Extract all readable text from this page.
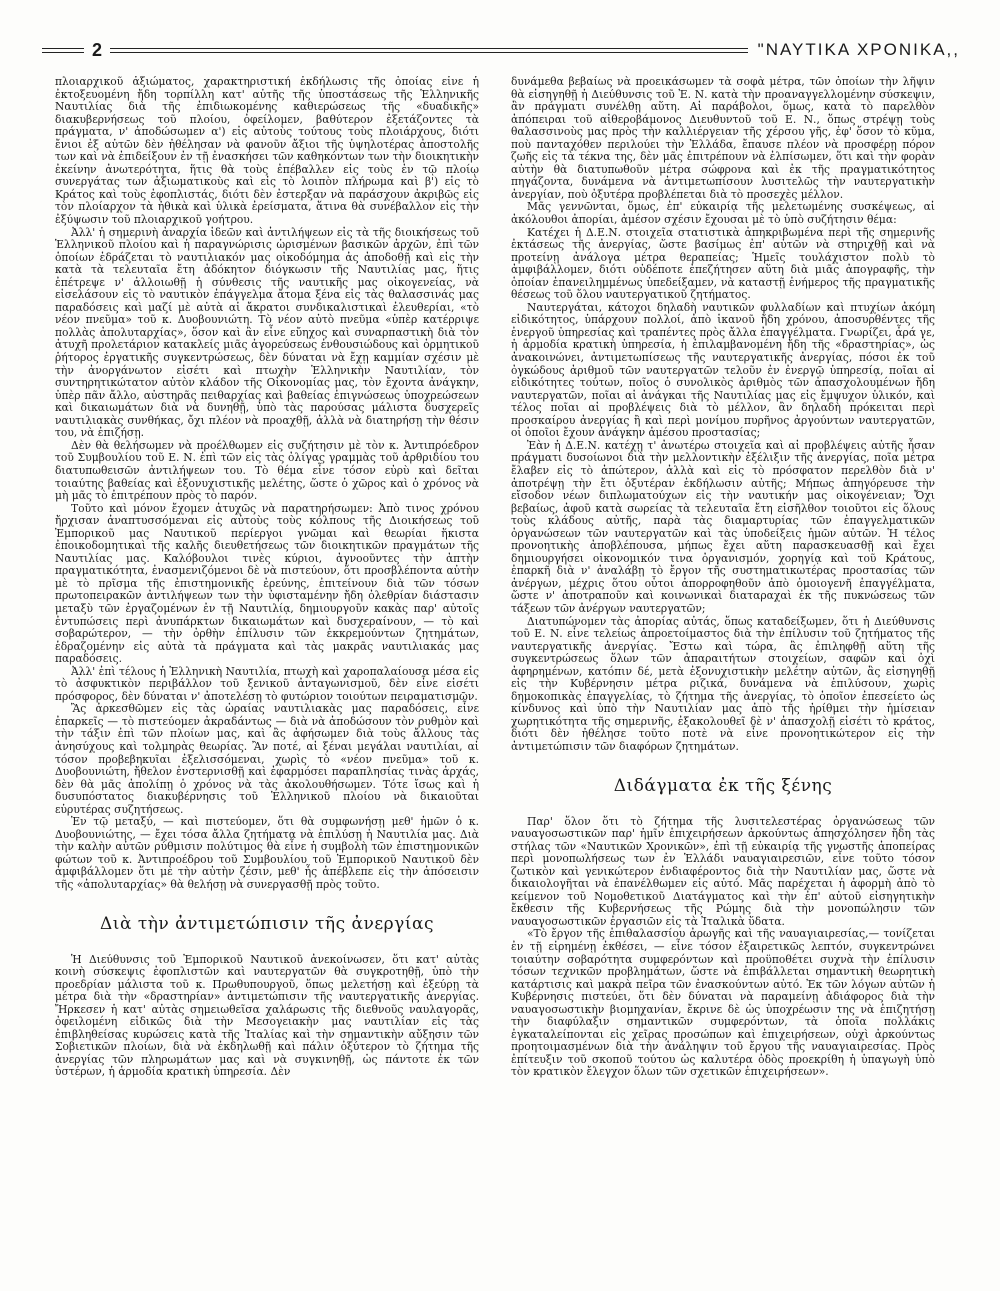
2	"ΝΑΥΤΙΚΑ ΧΡΟΝΙΚΑ,,

πλοιαρχικοῦ ἀξιώματος, χαρακτηριστική ἐκδήλωσις τῆς ὁποίας εἶνε ἡ ἐκτοξευομένη ἤδη τορπίλλη κατ' αὐτῆς τῆς ὑποστάσεως τῆς Ἑλληνικῆς Ναυτιλίας διὰ τῆς ἐπιδιωκομένης καθιερώσεως τῆς «δυαδικῆς» διακυβερνήσεως τοῦ πλοίου, ὀφείλομεν, βαθύτερον ἐξετάζοντες τὰ πράγματα, ν' ἀποδώσωμεν α') εἰς αὐτοὺς τούτους τοὺς πλοιάρχους, διότι ἔνιοι ἐξ αὐτῶν δὲν ἠθέλησαν νὰ φανοῦν ἄξιοι τῆς ὑψηλοτέρας ἀποστολῆς των καὶ νὰ ἐπιδείξουν ἐν τῇ ἐνασκήσει τῶν καθηκόντων των τὴν διοικητικὴν ἐκείνην ἀνωτερότητα, ἥτις θὰ τοὺς ἐπέβαλλεν εἰς τοὺς ἐν τῷ πλοίῳ συνεργάτας των ἀξιωματικοὺς καὶ εἰς τὸ λοιπὸν πλήρωμα καὶ β') εἰς τὸ Κράτος καὶ τοὺς ἐφοπλιστάς, διότι δὲν ἐστερξαν νὰ παράσχουν ἀκριβῶς εἰς τὸν πλοίαρχον τὰ ἠθικὰ καὶ ὑλικὰ ἐρείσματα, ἅτινα θὰ συνέβαλλον εἰς τὴν ἐξύψωσιν τοῦ πλοιαρχικοῦ γοήτρου.

Ἀλλ' ἡ σημερινὴ ἀναρχία ἰδεῶν καὶ ἀντιλήψεων εἰς τὰ τῆς διοικήσεως τοῦ Ἑλληνικοῦ πλοίου καὶ ἡ παραγνώρισις ὡρισμένων βασικῶν ἀρχῶν, ἐπὶ τῶν ὁποίων ἑδράζεται τὸ ναυτιλιακόν μας οἰκοδόμημα ἀς ἀποδοθῇ καὶ εἰς τὴν κατὰ τὰ τελευταῖα ἔτη ἀδόκητον διόγκωσιν τῆς Ναυτιλίας μας, ἥτις ἐπέτρεψε ν' ἀλλοιωθῇ ἡ σύνθεσις τῆς ναυτικῆς μας οἰκογενείας, νὰ εἰσελάσουν εἰς τὸ ναυτικὸν ἐπάγγελμα ἄτομα ξένα εἰς τὰς θαλασσινάς μας παραδόσεις καὶ μαζί μὲ αὐτὰ αἱ ἄκρατοι συνδικαλιστικαὶ ἐλευθερίαι, «τὸ νέον πνεῦμα» τοῦ κ. Δυοβουνιώτη. Τὸ νέον αὐτὸ πνεῦμα «ὑπὲρ κατέρριψε πολλὰς ἀπολυταρχίας», ὅσον καὶ ἂν εἶνε εὔηχος καὶ συναρπαστικὴ διὰ τὸν ἀτυχῆ προλετάριον κατακλείς μιᾶς ἀγορεύσεως ἐνθουσιώδους καὶ ὁρμητικοῦ ῥήτορος ἐργατικῆς συγκεντρώσεως, δὲν δύναται νὰ ἔχῃ καμμίαν σχέσιν μὲ τὴν ἀνοργάνωτον εἰσέτι καὶ πτωχὴν Ἑλληνικὴν Ναυτιλίαν, τὸν συντηρητικώτατον αὐτὸν κλάδον τῆς Οἰκονομίας μας, τὸν ἔχοντα ἀνάγκην, ὑπὲρ πᾶν ἄλλο, αὐστηρᾶς πειθαρχίας καὶ βαθείας ἐπιγνώσεως ὑποχρεώσεων καὶ δικαιωμάτων διὰ νὰ δυνηθῇ, ὑπὸ τὰς παρούσας μάλιστα δυσχερεῖς ναυτιλιακὰς συνθήκας, ὄχι πλέον νὰ προαχθῇ, ἀλλὰ νὰ διατηρήσῃ τὴν θέσιν του, νὰ ἐπιζήσῃ.

Δὲν θὰ θελήσωμεν νὰ προέλθωμεν εἰς συζήτησιν μὲ τὸν κ. Ἀντιπρόεδρον τοῦ Συμβουλίου τοῦ Ε. Ν. ἐπὶ τῶν εἰς τὰς ὀλίγας γραμμὰς τοῦ ἀρθριδίου του διατυπωθεισῶν ἀντιλήψεων του. Τὸ θέμα εἶνε τόσον εὐρὺ καὶ δεῖται τοιαύτης βαθείας καὶ ἐξονυχιστικῆς μελέτης, ὥστε ὁ χῶρος καὶ ὁ χρόνος νὰ μὴ μᾶς τὸ ἐπιτρέπουν πρὸς τὸ παρόν.

Τοῦτο καὶ μόνον ἔχομεν ἀτυχῶς νὰ παρατηρήσωμεν: Ἀπὸ τινος χρόνου ἤρχισαν ἀναπτυσσόμεναι εἰς αὐτοὺς τοὺς κόλπους τῆς Διοικήσεως τοῦ Ἐμπορικοῦ μας Ναυτικοῦ περίεργοι γνῶμαι καὶ θεωρίαι ἥκιστα ἐποικοδομητικαὶ τῆς καλῆς διευθετήσεως τῶν διοικητικῶν πραγμάτων τῆς Ναυτιλίας μας. Καλόβουλοι τινὲς κύριοι, ἀγνοοῦντες τὴν ἀπτὴν πραγματικότητα, ἐνασμενιζόμενοι δὲ νὰ πιστεύουν, ὅτι προσβλέποντα αὐτὴν μὲ τὸ πρῖσμα τῆς ἐπιστημονικῆς ἐρεύνης, ἐπιτείνουν διὰ τῶν τόσων πρωτοπειρακῶν ἀντιλήψεων των τὴν ὑφισταμένην ἤδη ὀλεθρίαν διάστασιν μεταξὺ τῶν ἐργαζομένων ἐν τῇ Ναυτιλίᾳ, δημιουργοῦν κακὰς παρ' αὐτοῖς ἐντυπώσεις περὶ ἀνυπάρκτων δικαιωμάτων καὶ δυσχεραίνουν, — τὸ καὶ σοβαρώτερον, — τὴν ὀρθὴν ἐπίλυσιν τῶν ἐκκρεμούντων ζητημάτων, ἑδραζομένην εἰς αὐτὰ τὰ πράγματα καὶ τὰς μακρᾶς ναυτιλιακάς μας παραδόσεις.

Ἀλλ' ἐπὶ τέλους ἡ Ἑλληνικὴ Ναυτιλία, πτωχὴ καὶ χαροπαλαίουσα μέσα εἰς τὸ ἀσφυκτικὸν περιβάλλον τοῦ ξενικοῦ ἀνταγωνισμοῦ, δὲν εἶνε εἰσέτι πρόσφορος, δὲν δύναται ν' ἀποτελέσῃ τὸ φυτώριον τοιούτων πειραματισμῶν.

Ἂς ἀρκεσθῶμεν εἰς τὰς ὡραίας ναυτιλιακὰς μας παραδόσεις, εἶνε ἐπαρκεῖς — τὸ πιστεύομεν ἀκραδάντως — διὰ νὰ ἀποδώσουν τὸν ρυθμὸν καὶ τὴν τάξιν ἐπὶ τῶν πλοίων μας, καὶ ἂς ἀφήσωμεν διὰ τοὺς ἄλλους τὰς ἀνησύχους καὶ τολμηρὰς θεωρίας. Ἂν ποτέ, αἱ ξέναι μεγάλαι ναυτιλίαι, αἱ τόσον προβεβηκυῖαι ἐξελισσόμεναι, χωρὶς τὸ «νέον πνεῦμα» τοῦ κ. Δυοβουνιώτη, ἤθελον ἐνστερνισθῇ καὶ ἐφαρμόσει παραπλησίας τινὰς ἀρχάς, δὲν θὰ μᾶς ἀπολίπῃ ὁ χρόνος νὰ τὰς ἀκολουθήσωμεν. Τότε ἴσως καὶ ἡ δυσυπόστατος διακυβέρνησις τοῦ Ἑλληνικοῦ πλοίου νὰ δικαιοῦται εὐρυτέρας συζητήσεως.

Ἐν τῷ μεταξύ, — καὶ πιστεύομεν, ὅτι θὰ συμφωνήσῃ μεθ' ἡμῶν ὁ κ. Δυοβουνιώτης, — ἔχει τόσα ἄλλα ζητήματα νὰ ἐπιλύσῃ ἡ Ναυτιλία μας. Διὰ τὴν καλὴν αὐτῶν ρύθμισιν πολύτιμος θὰ εἶνε ἡ συμβολὴ τῶν ἐπιστημονικῶν φώτων τοῦ κ. Ἀντιπροέδρου τοῦ Συμβουλίου τοῦ Ἐμπορικοῦ Ναυτικοῦ δὲν ἀμφιβάλλομεν ὅτι μὲ τὴν αὐτὴν ζέσιν, μεθ' ἧς ἀπέβλεπε εἰς τὴν ἀπόσεισιν τῆς «ἀπολυταρχίας» θὰ θελήσῃ νὰ συνεργασθῇ πρὸς τοῦτο.

Διὰ τὴν ἀντιμετώπισιν τῆς ἀνεργίας

Ἡ Διεύθυνσις τοῦ Ἐμπορικοῦ Ναυτικοῦ ἀνεκοίνωσεν, ὅτι κατ' αὐτὰς κοινὴ σύσκεψις ἐφοπλιστῶν καὶ ναυτεργατῶν θὰ συγκροτηθῇ, ὑπὸ τὴν προεδρίαν μάλιστα τοῦ κ. Πρωθυπουργοῦ, ὅπως μελετήσῃ καὶ ἐξεύρῃ τὰ μέτρα διὰ τὴν «δραστηρίαν» ἀντιμετώπισιν τῆς ναυτεργατικῆς ἀνεργίας. Ἤρκεσεν ἡ κατ' αὐτὰς σημειωθεῖσα χαλάρωσις τῆς διεθνοῦς ναυλαγορᾶς, ὀφειλομένη εἰδικῶς διὰ τὴν Μεσογειακὴν μας ναυτιλίαν εἰς τὰς ἐπιβληθείσας κυρώσεις κατὰ τῆς Ἰταλίας καὶ τὴν σημαντικὴν αὔξησιν τῶν Σοβιετικῶν πλοίων, διὰ νὰ ἐκδηλωθῇ καὶ πάλιν ὀξύτερον τὸ ζήτημα τῆς ἀνεργίας τῶν πληρωμάτων μας καὶ νὰ συγκινηθῇ, ὡς πάντοτε ἐκ τῶν ὑστέρων, ἡ ἁρμοδία κρατικὴ ὑπηρεσία. Δὲν

δυνάμεθα βεβαίως νὰ προεικάσωμεν τὰ σοφὰ μέτρα, τῶν ὁποίων τὴν λῆψιν θὰ εἰσηγηθῇ ἡ Διεύθυνσις τοῦ Ἐ. Ν. κατὰ τὴν προαναγγελλομένην σύσκεψιν, ἂν πράγματι συνέλθῃ αὕτη. Αἱ παράβολοι, ὅμως, κατὰ τὸ παρελθὸν ἀπόπειραι τοῦ αἰθεροβάμονος Διευθυντοῦ τοῦ Ε. Ν., ὅπως στρέψῃ τοὺς θαλασσινοὺς μας πρὸς τὴν καλλιέργειαν τῆς χέρσου γῆς, ἐφ' ὅσον τὸ κῦμα, ποὺ πανταχόθεν περιλούει τὴν Ἑλλάδα, ἔπαυσε πλέον νὰ προσφέρῃ πόρον ζωῆς εἰς τὰ τέκνα της, δὲν μᾶς ἐπιτρέπουν νὰ ἐλπίσωμεν, ὅτι καὶ τὴν φορὰν αὐτὴν θὰ διατυπωθοῦν μέτρα σώφρονα καὶ ἐκ τῆς πραγματικότητος πηγάζοντα, δυνάμενα νὰ ἀντιμετωπίσουν λυσιτελῶς τὴν ναυτεργατικὴν ἀνεργίαν, ποὺ ὀξυτέρα προβλέπεται διὰ τὸ προσεχὲς μέλλον.

Μᾶς γεννῶνται, ὅμως, ἐπ' εὐκαιρίᾳ τῆς μελετωμένης συσκέψεως, αἱ ἀκόλουθοι ἀπορίαι, ἀμέσον σχέσιν ἔχουσαι μὲ τὸ ὑπὸ συζήτησιν θέμα:

Κατέχει ἡ Δ.Ε.Ν. στοιχεῖα στατιστικὰ ἀπηκριβωμένα περὶ τῆς σημερινῆς ἐκτάσεως τῆς ἀνεργίας, ὥστε βασίμως ἐπ' αὐτῶν νὰ στηριχθῇ καὶ νὰ προτείνῃ ἀνάλογα μέτρα θεραπείας; Ἡμεῖς τουλάχιστον πολὺ τὸ ἀμφιβάλλομεν, διότι οὐδέποτε ἐπεζήτησεν αὕτη διὰ μιᾶς ἀπογραφῆς, τὴν ὁποίαν ἐπανειλημμένως ὑπεδείξαμεν, νὰ καταστῇ ἐνήμερος τῆς πραγματικῆς θέσεως τοῦ ὅλου ναυτεργατικοῦ ζητήματος.

Ναυτεργάται, κάτοχοι δηλαδὴ ναυτικῶν φυλλαδίων καὶ πτυχίων ἀκόμη εἰδικότητος, ὑπάρχουν πολλοί, ἀπὸ ἱκανοῦ ἤδη χρόνου, ἀποσυρθέντες τῆς ἐνεργοῦ ὑπηρεσίας καὶ τραπέντες πρὸς ἄλλα ἐπαγγέλματα. Γνωρίζει, ἆρά γε, ἡ ἁρμοδία κρατικὴ ὑπηρεσία, ἡ ἐπιλαμβανομένη ἤδη τῆς «δραστηρίας», ὡς ἀνακοινώνει, ἀντιμετωπίσεως τῆς ναυτεργατικῆς ἀνεργίας, πόσοι ἐκ τοῦ ὀγκώδους ἀριθμοῦ τῶν ναυτεργατῶν τελοῦν ἐν ἐνεργῷ ὑπηρεσίᾳ, ποῖαι αἱ εἰδικότητες τούτων, ποῖος ὁ συνολικὸς ἀριθμὸς τῶν ἀπασχολουμένων ἤδη ναυτεργατῶν, ποῖαι αἱ ἀνάγκαι τῆς Ναυτιλίας μας εἰς ἔμψυχον ὑλικόν, καὶ τέλος ποῖαι αἱ προβλέψεις διὰ τὸ μέλλον, ἂν δηλαδὴ πρόκειται περὶ προσκαίρου ἀνεργίας ἢ καὶ περὶ μονίμου πυρῆνος ἀργούντων ναυτεργατῶν, οἱ ὁποῖοι ἔχουν ἀνάγκην ἀμέσου προστασίας;

Ἐὰν ἡ Δ.Ε.Ν. κατέχῃ τ' ἀνωτέρω στοιχεῖα καὶ αἱ προβλέψεις αὐτῆς ἦσαν πράγματι δυσοίωνοι διὰ τὴν μελλοντικὴν ἐξέλιξιν τῆς ἀνεργίας, ποῖα μέτρα ἔλαβεν εἰς τὸ ἀπώτερον, ἀλλὰ καὶ εἰς τὸ πρόσφατον περελθὸν διὰ ν' ἀποτρέψῃ τὴν ἔτι ὀξυτέραν ἐκδήλωσιν αὐτῆς; Μήπως ἀπηγόρευσε τὴν εἴσοδον νέων διπλωματούχων εἰς τὴν ναυτικήν μας οἰκογένειαν; Ὄχι βεβαίως, ἀφοῦ κατὰ σωρείας τὰ τελευταῖα ἔτη εἰσῆλθον τοιοῦτοι εἰς ὅλους τοὺς κλάδους αὐτῆς, παρὰ τὰς διαμαρτυρίας τῶν ἐπαγγελματικῶν ὀργανώσεων τῶν ναυτεργατῶν καὶ τὰς ὑποδείξεις ἡμῶν αὐτῶν. Ἡ τέλος προνοητικὴς ἀποβλέπουσα, μήπως ἔχει αὕτη παρασκευασθῇ καὶ ἔχει δημιουργήσει οἰκονομικόν τινα ὀργανισμόν, χορηγίᾳ καὶ τοῦ Κράτους, ἐπαρκῆ διὰ ν' ἀναλάβῃ τὸ ἔργον τῆς συστηματικωτέρας προστασίας τῶν ἀνέργων, μέχρις ὅτου οὗτοι ἀπορροφηθοῦν ἀπὸ ὁμοιογενῆ ἐπαγγέλματα, ὥστε ν' ἀποτραποῦν καὶ κοινωνικαὶ διαταραχαὶ ἐκ τῆς πυκνώσεως τῶν τάξεων τῶν ἀνέργων ναυτεργατῶν;

Διατυπώνομεν τὰς ἀπορίας αὐτάς, ὅπως καταδείξωμεν, ὅτι ἡ Διεύθυνσις τοῦ Ε. Ν. εἶνε τελείως ἀπροετοίμαστος διὰ τὴν ἐπίλυσιν τοῦ ζητήματος τῆς ναυτεργατικῆς ἀνεργίας. Ἔστω καὶ τώρα, ἂς ἐπιληφθῇ αὕτη τῆς συγκεντρώσεως ὅλων τῶν ἀπαραιτήτων στοιχείων, σαφῶν καὶ ὀχὶ ἀφηρημένων, κατόπιν δέ, μετὰ ἐξονυχιστικὴν μελέτην αὐτῶν, ἂς εἰσηγηθῇ εἰς τὴν Κυβέρνησιν μέτρα ριζικά, δυνάμενα νὰ ἐπιλύσουν, χωρὶς δημοκοπικὰς ἐπαγγελίας, τὸ ζήτημα τῆς ἀνεργίας, τὸ ὁποῖον ἐπεσείετο ὡς κίνδυνος καὶ ὑπὸ τὴν Ναυτιλίαν μας ἀπὸ τῆς ἠρίθμει τὴν ἡμίσειαν χωρητικότητα τῆς σημερινῆς, ἐξακολουθεῖ δὲ ν' ἀπασχολῇ εἰσέτι τὸ κράτος, διότι δὲν ἠθέλησε τοῦτο ποτὲ νὰ εἶνε προνοητικώτερον εἰς τὴν ἀντιμετώπισιν τῶν διαφόρων ζητημάτων.

Διδάγματα ἐκ τῆς ξένης

Παρ' ὅλον ὅτι τὸ ζήτημα τῆς λυσιτελεστέρας ὀργανώσεως τῶν ναυαγοσωστικῶν παρ' ἡμῖν ἐπιχειρήσεων ἀρκούντως ἀπησχόλησεν ἤδη τὰς στήλας τῶν «Ναυτικῶν Χρονικῶν», ἐπὶ τῇ εὐκαιρίᾳ τῆς γνωστῆς ἀποπείρας περὶ μονοπωλήσεως των ἐν Ἑλλάδι ναυαγιαιρεσιῶν, εἶνε τοῦτο τόσον ζωτικὸν καὶ γενικώτερον ἐνδιαφέροντος διὰ τὴν Ναυτιλίαν μας, ὥστε νὰ δικαιολογῆται νὰ ἐπανέλθωμεν εἰς αὐτό. Μᾶς παρέχεται ἡ ἀφορμὴ ἀπὸ τὸ κείμενον τοῦ Νομοθετικοῦ Διατάγματος καὶ τὴν ἐπ' αὐτοῦ εἰσηγητικὴν ἔκθεσιν τῆς Κυβερνήσεως τῆς Ρώμης διὰ τὴν μονοπώλησιν τῶν ναυαγοσωστικῶν ἐργασιῶν εἰς τὰ Ἰταλικὰ ὕδατα.

«Τὸ ἔργον τῆς ἐπιθαλασσίου ἀρωγῆς καὶ τῆς ναυαγιαιρεσίας,— τονίζεται ἐν τῇ εἰρημένῃ ἐκθέσει, — εἶνε τόσον ἐξαιρετικῶς λεπτόν, συγκεντρώνει τοιαύτην σοβαρότητα συμφερόντων καὶ προϋποθέτει συχνὰ τὴν ἐπίλυσιν τόσων τεχνικῶν προβλημάτων, ὥστε νὰ ἐπιβάλλεται σημαντικὴ θεωρητικὴ κατάρτισις καὶ μακρὰ πεῖρα τῶν ἐνασκούντων αὐτό. Ἐκ τῶν λόγων αὐτῶν ἡ Κυβέρνησις πιστεύει, ὅτι δὲν δύναται νὰ παραμείνῃ ἀδιάφορος διὰ τὴν ναυαγοσωστικὴν βιομηχανίαν, ἔκρινε δὲ ὡς ὑποχρέωσιν της νὰ ἐπιζητήσῃ τὴν διαφύλαξιν σημαντικῶν συμφερόντων, τὰ ὁποῖα πολλάκις ἐγκαταλείπονται εἰς χεῖρας προσώπων καὶ ἐπιχειρήσεων, οὐχὶ ἀρκούντως προητοιμασμένων διὰ τὴν ἀνάληψιν τοῦ ἔργου τῆς ναυαγιαιρεσίας. Πρὸς ἐπίτευξιν τοῦ σκοποῦ τούτου ὡς καλυτέρα ὁδὸς προεκρίθη ἡ ὑπαγωγὴ ὑπὸ τὸν κρατικὸν ἔλεγχον ὅλων τῶν σχετικῶν ἐπιχειρήσεων».
